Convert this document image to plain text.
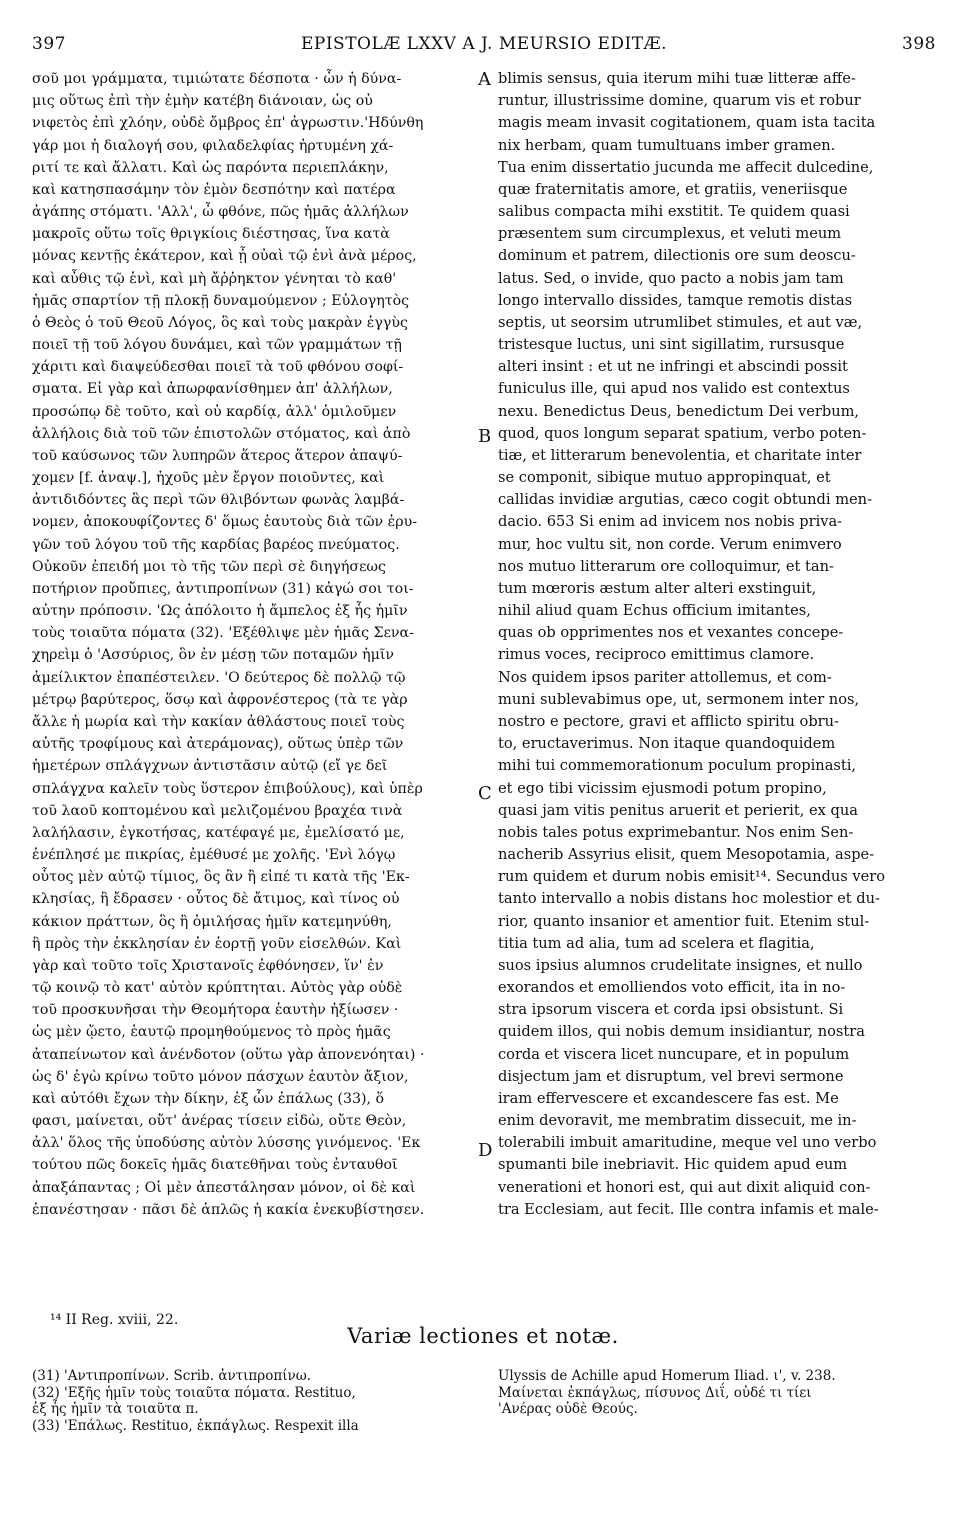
397	EPISTOLÆ LXXV A J. MEURSIO EDITÆ.	398
σοῦ μοι γράμματα, τιμιώτατε δέσποτα · ὧν ἡ δύνα-
μις οὕτως ἐπὶ τὴν ἐμὴν κατέβη διάνοιαν, ὡς οὐ
νιφετὸς ἐπὶ χλόην, οὐδὲ ὄμβρος ἐπ' ἀγρωστιν.'Ηδύνθη
γάρ μοι ἡ διαλογή σου, φιλαδελφίας ἠρτυμένη χά-
ριτί τε καὶ ἄλλατι. Καὶ ὡς παρόντα περιεπλάκην,
καὶ κατησπασάμην τὸν ἐμὸν δεσπότην καὶ πατέρα
ἀγάπης στόματι. 'Αλλ', ὦ φθόνε, πῶς ἡμᾶς ἀλλήλων
μακροῖς οὕτω τοῖς θριγκίοις διέστησας, ἵνα κατὰ
μόνας κεντῇς ἑκάτερον, καὶ ᾖ οὐαὶ τῷ ἑνὶ ἀνὰ μέρος,
καὶ αὖθις τῷ ἑνὶ, καὶ μὴ ἄῤῥηκτον γένηται τὸ καθ'
ἡμᾶς σπαρτίον τῇ πλοκῇ δυναμούμενον ; Εὐλογητὸς
ὁ Θεὸς ὁ τοῦ Θεοῦ Λόγος, ὃς καὶ τοὺς μακρὰν ἐγγὺς
ποιεῖ τῇ τοῦ λόγου δυνάμει, καὶ τῶν γραμμάτων τῇ
χάριτι καὶ διαψεύδεσθαι ποιεῖ τὰ τοῦ φθόνου σοφί-
σματα. Εἰ γὰρ καὶ ἀπωρφανίσθημεν ἀπ' ἀλλήλων,
προσώπῳ δὲ τοῦτο, καὶ οὐ καρδίᾳ, ἀλλ' ὁμιλοῦμεν
ἀλλήλοις διὰ τοῦ τῶν ἐπιστολῶν στόματος, καὶ ἀπὸ
τοῦ καύσωνος τῶν λυπηρῶν ἅτερος ἅτερον ἀπαψύ-
χομεν [f. ἀναψ.], ἠχοῦς μὲν ἔργον ποιοῦντες, καὶ
ἀντιδιδόντες ἃς περὶ τῶν θλιβόντων φωνὰς λαμβά-
νομεν, ἀποκουφίζοντες δ' ὅμως ἑαυτοὺς διὰ τῶν ἐρυ-
γῶν τοῦ λόγου τοῦ τῆς καρδίας βαρέος πνεύματος.
Οὐκοῦν ἐπειδή μοι τὸ τῆς τῶν περὶ σὲ διηγήσεως
ποτήριον προὔπιες, ἀντιπροπίνων (31) κἀγώ σοι τοι-
αὐτην πρόποσιν. 'Ως ἀπόλοιτο ἡ ἄμπελος ἐξ ἧς ἡμῖν
τοὺς τοιαῦτα πόματα (32). 'Εξέθλιψε μὲν ἡμᾶς Σενα-
χηρεὶμ ὁ 'Ασσύριος, ὃν ἐν μέσῃ τῶν ποταμῶν ἡμῖν
ἀμείλικτον ἐπαπέστειλεν. 'Ο δεύτερος δὲ πολλῷ τῷ
μέτρῳ βαρύτερος, ὅσῳ καὶ ἀφρονέστερος (τὰ τε γὰρ
ἄλλε ἡ μωρία καὶ τὴν κακίαν ἀθλάστους ποιεῖ τοὺς
αὐτῆς τροφίμους καὶ ἀτεράμονας), οὕτως ὑπὲρ τῶν
ἡμετέρων σπλάγχνων ἀντιστᾶσιν αὐτῷ (εἴ γε δεῖ
σπλάγχνα καλεῖν τοὺς ὕστερον ἐπιβούλους), καὶ ὑπὲρ
τοῦ λαοῦ κοπτομένου καὶ μελιζομένου βραχέα τινὰ
λαλήλασιν, ἐγκοτήσας, κατέφαγέ με, ἐμελίσατό με,
ἐνέπλησέ με πικρίας, ἐμέθυσέ με χολῆς. 'Ενὶ λόγῳ
οὗτος μὲν αὐτῷ τίμιος, ὃς ἂν ἢ εἰπέ τι κατὰ τῆς 'Εκ-
κλησίας, ἢ ἔδρασεν · οὗτος δὲ ἄτιμος, καὶ τίνος οὐ
κάκιον πράττων, ὃς ἢ ὁμιλήσας ἡμῖν κατεμηνύθη,
ἢ πρὸς τὴν ἐκκλησίαν ἐν ἑορτῇ γοῦν εἰσελθών. Καὶ
γὰρ καὶ τοῦτο τοῖς Χριστανοῖς ἐφθόνησεν, ἵν' ἐν
τῷ κοινῷ τὸ κατ' αὐτὸν κρύπτηται. Αὐτὸς γὰρ οὐδὲ
τοῦ προσκυνῆσαι τὴν Θεομήτορα ἑαυτὴν ἠξίωσεν ·
ὡς μὲν ᾤετο, ἑαυτῷ προμηθούμενος τὸ πρὸς ἡμᾶς
ἀταπείνωτον καὶ ἀνένδοτον (οὕτω γὰρ ἀπονενόηται) ·
ὡς δ' ἐγὼ κρίνω τοῦτο μόνον πάσχων ἑαυτὸν ἄξιον,
καὶ αὐτόθι ἔχων τὴν δίκην, ἐξ ὧν ἐπάλως (33), ὅ
φασι, μαίνεται, οὔτ' ἀνέρας τίσειν εἰδὼ, οὔτε Θεὸν,
ἀλλ' ὅλος τῆς ὑποδύσης αὐτὸν λύσσης γινόμενος. 'Εκ
τούτου πῶς δοκεῖς ἡμᾶς διατεθῆναι τοὺς ἐνταυθοῖ
ἀπαξάπαντας ; Οἱ μὲν ἀπεστάλησαν μόνον, οἱ δὲ καὶ
ἐπανέστησαν · πᾶσι δὲ ἁπλῶς ἡ κακία ἐνεκυβίστησεν.
blimis sensus, quia iterum mihi tuæ litteræ affe-
runtur, illustrissime domine, quarum vis et robur
magis meam invasit cogitationem, quam ista tacita
nix herbam, quam tumultuans imber gramen.
Tua enim dissertatio jucunda me affecit dulcedine,
quæ fraternitatis amore, et gratiis, veneriisque
salibus compacta mihi exstitit. Te quidem quasi
præsentem sum circumplexus, et veluti meum
dominum et patrem, dilectionis ore sum deoscu-
latus. Sed, o invide, quo pacto a nobis jam tam
longo intervallo dissides, tamque remotis distas
septis, ut seorsim utrumlibet stimules, et aut væ,
tristesque luctus, uni sint sigillatim, rursusque
alteri insint : et ut ne infringi et abscindi possit
funiculus ille, qui apud nos valido est contextus
nexu. Benedictus Deus, benedictum Dei verbum,
quod, quos longum separat spatium, verbo poten-
tiæ, et litterarum benevolentia, et charitate inter
se componit, sibique mutuo appropinquat, et
callidas invidiæ argutias, cæco cogit obtundi men-
dacio. 653 Si enim ad invicem nos nobis priva-
mur, hoc vultu sit, non corde. Verum enimvero
nos mutuo litterarum ore colloquimur, et tan-
tum mœroris æstum alter alteri exstinguit,
nihil aliud quam Echus officium imitantes,
quas ob opprimentes nos et vexantes concepe-
rimus voces, reciproco emittimus clamore.
Nos quidem ipsos pariter attollemus, et com-
muni sublevabimus ope, ut, sermonem inter nos,
nostro e pectore, gravi et afflicto spiritu obru-
to, eructaverimus. Non itaque quandoquidem
mihi tui commemorationum poculum propinasti,
et ego tibi vicissim ejusmodi potum propino,
quasi jam vitis penitus aruerit et perierit, ex qua
nobis tales potus exprimebantur. Nos enim Sen-
nacherib Assyrius elisit, quem Mesopotamia, aspe-
rum quidem et durum nobis emisit¹⁴. Secundus vero
tanto intervallo a nobis distans hoc molestior et du-
rior, quanto insanior et amentior fuit. Etenim stul-
titia tum ad alia, tum ad scelera et flagitia,
suos ipsius alumnos crudelitate insignes, et nullo
exorandos et emolliendos voto efficit, ita in no-
stra ipsorum viscera et corda ipsi obsistunt. Si
quidem illos, qui nobis demum insidiantur, nostra
corda et viscera licet nuncupare, et in populum
disjectum jam et disruptum, vel brevi sermone
iram effervescere et excandescere fas est. Me
enim devoravit, me membratim dissecuit, me in-
tolerabili imbuit amaritudine, meque vel uno verbo
spumanti bile inebriavit. Hic quidem apud eum
venerationi et honori est, qui aut dixit aliquid con-
tra Ecclesiam, aut fecit. Ille contra infamis et male-
A
B
C
D
¹⁴ II Reg. xviii, 22.
Variæ lectiones et notæ.
(31) 'Αντιπροπίνων. Scrib. ἀντιπροπίνω.
(32) 'Εξῆς ἡμῖν τοὺς τοιαῦτα πόματα. Restituo,
ἐξ ἧς ἡμῖν τὰ τοιαῦτα π.
(33) 'Επάλως. Restituo, ἐκπάγλως. Respexit illa
Ulyssis de Achille apud Homerum Iliad. ι', v. 238.
Μαίνεται ἐκπάγλως, πίσυνος Διΐ, οὐδέ τι τίει
'Ανέρας οὐδὲ Θεούς.
